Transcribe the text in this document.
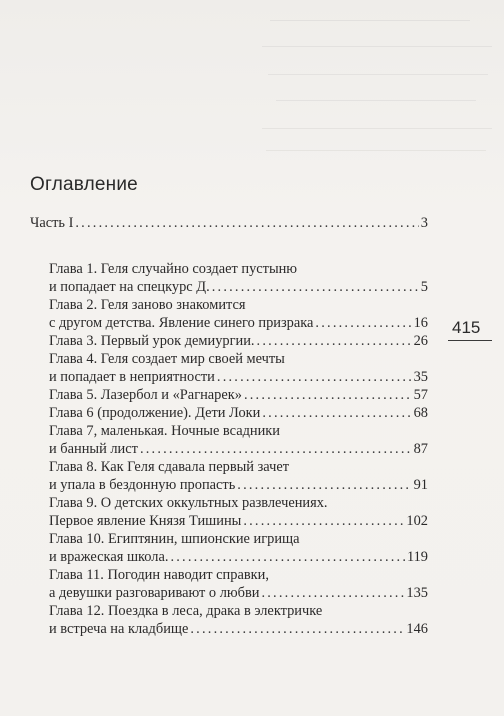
Оглавление
415
Часть I .....	3
Глава 1. Геля случайно создает пустыню
и попадает на спецкурс Д. .....	5
Глава 2. Геля заново знакомится
с другом детства. Явление синего призрака .....	16
Глава 3. Первый урок демиургии. .....	26
Глава 4. Геля создает мир своей мечты
и попадает в неприятности .....	35
Глава 5. Лазербол и «Рагнарек» .....	57
Глава 6 (продолжение). Дети Локи .....	68
Глава 7, маленькая. Ночные всадники
и банный лист .....	87
Глава 8. Как Геля сдавала первый зачет
и упала в бездонную пропасть .....	91
Глава 9. О детских оккультных развлечениях.
Первое явление Князя Тишины .....	102
Глава 10. Египтянин, шпионские игрища
и вражеская школа. .....	119
Глава 11. Погодин наводит справки,
а девушки разговаривают о любви .....	135
Глава 12. Поездка в леса, драка в электричке
и встреча на кладбище .....	146
